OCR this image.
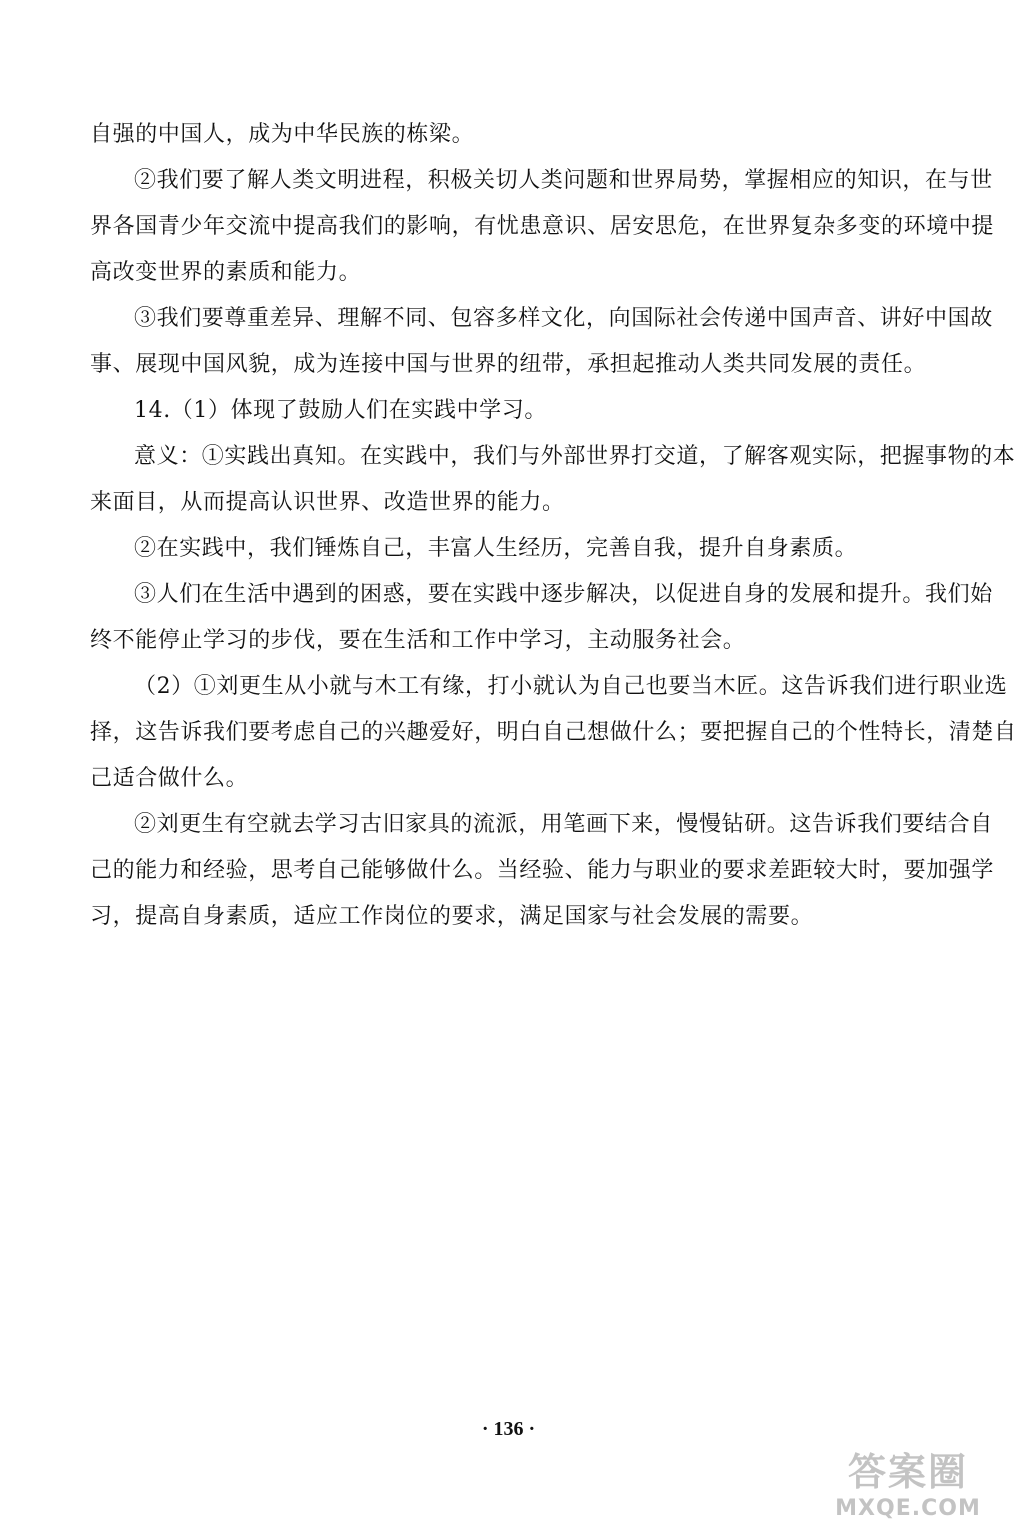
自强的中国人，成为中华民族的栋梁。
②我们要了解人类文明进程，积极关切人类问题和世界局势，掌握相应的知识，在与世
界各国青少年交流中提高我们的影响，有忧患意识、居安思危，在世界复杂多变的环境中提
高改变世界的素质和能力。
③我们要尊重差异、理解不同、包容多样文化，向国际社会传递中国声音、讲好中国故
事、展现中国风貌，成为连接中国与世界的纽带，承担起推动人类共同发展的责任。
14.（1）体现了鼓励人们在实践中学习。
意义：①实践出真知。在实践中，我们与外部世界打交道，了解客观实际，把握事物的本
来面目，从而提高认识世界、改造世界的能力。
②在实践中，我们锤炼自己，丰富人生经历，完善自我，提升自身素质。
③人们在生活中遇到的困惑，要在实践中逐步解决，以促进自身的发展和提升。我们始
终不能停止学习的步伐，要在生活和工作中学习，主动服务社会。
（2）①刘更生从小就与木工有缘，打小就认为自己也要当木匠。这告诉我们进行职业选
择，这告诉我们要考虑自己的兴趣爱好，明白自己想做什么；要把握自己的个性特长，清楚自
己适合做什么。
②刘更生有空就去学习古旧家具的流派，用笔画下来，慢慢钻研。这告诉我们要结合自
己的能力和经验，思考自己能够做什么。当经验、能力与职业的要求差距较大时，要加强学
习，提高自身素质，适应工作岗位的要求，满足国家与社会发展的需要。
· 136 ·
答案圈
MXQE.COM
